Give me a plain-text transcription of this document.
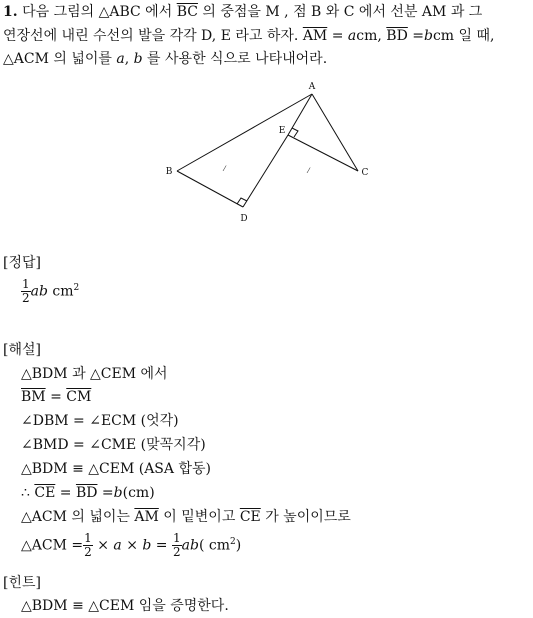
1. 다음 그림의 △ABC 에서 $\overline{BC}$ 의 중점을 M , 점 B 와 C 에서 선분 AM 과 그
연장선에 내린 수선의 발을 각각 D, E 라고 하자. $\overline{AM}$ = acm, $\overline{BD} =bcm$ 일 때,
△ACM 의 넓이를 a, b 를 사용한 식으로 나타내어라.
A
B	C
D
E
⁄	⁄
[정답]
$\frac{1}{2}$ ab $cm^2$
[해설]
△BDM 과 △CEM 에서
$\overline{BM} = \overline{CM}$
∠DBM = ∠ECM (엇각)
∠BMD = ∠CME (맞꼭지각)
△BDM ≡ △CEM (ASA 합동)
∴ $\overline{CE} = \overline{BD} =b(cm)$
△ACM 의 넓이는 $\overline{AM}$ 이 밑변이고 $\overline{CE}$ 가 높이이므로
△ACM = $\frac{1}{2} \times a \times b = \frac{1}{2} ab$( $cm^2$)
[힌트]
△BDM ≡ △CEM 임을 증명한다.
